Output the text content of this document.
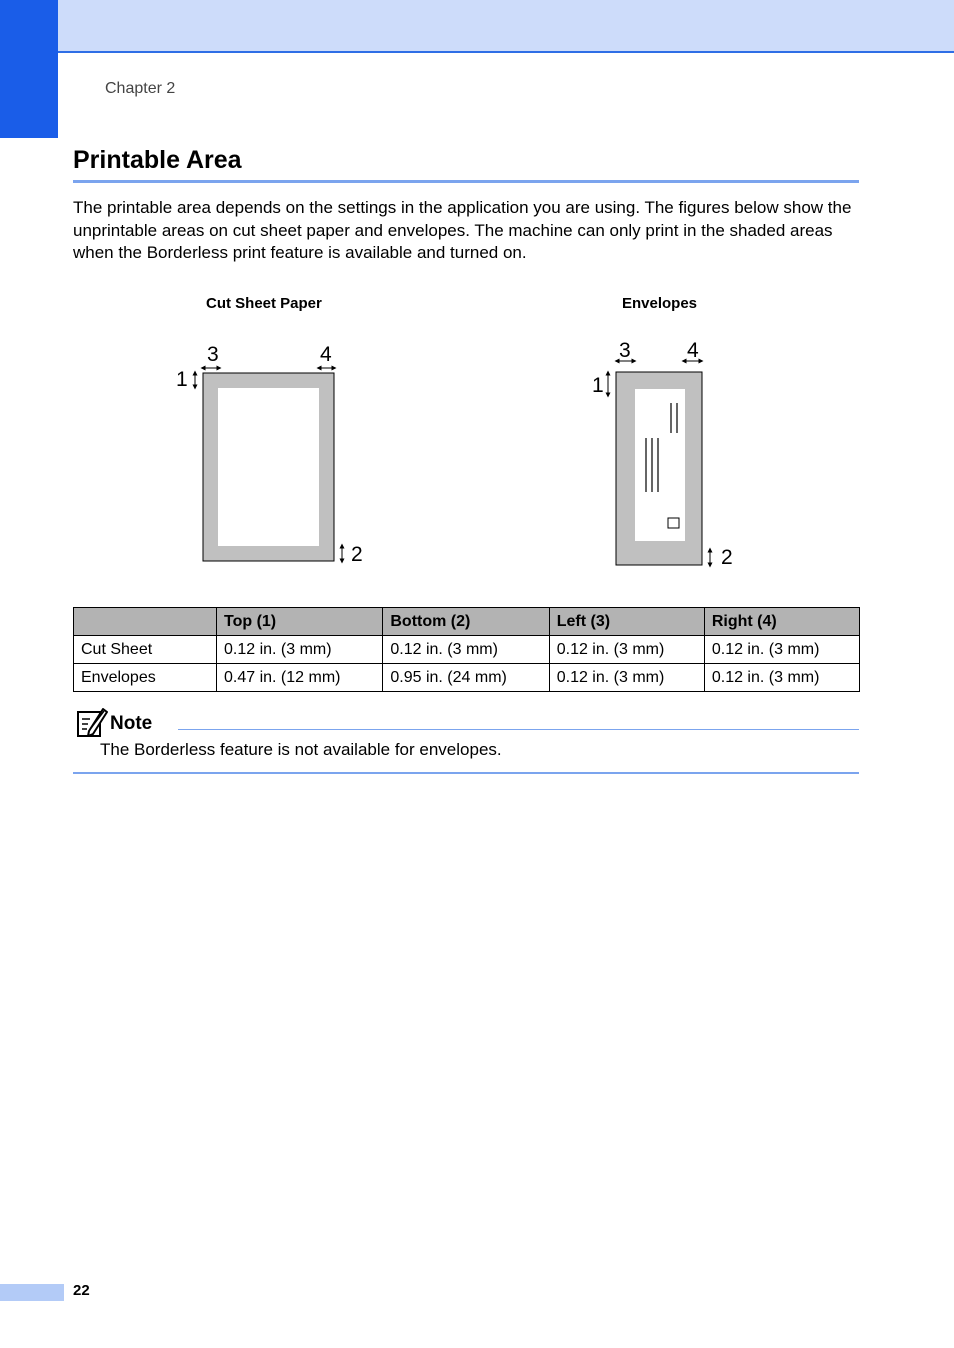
Chapter 2
Printable Area

The printable area depends on the settings in the application you are using. The figures below show the unprintable areas on cut sheet paper and envelopes. The machine can only print in the shaded areas when the Borderless print feature is available and turned on.

Cut Sheet Paper	Envelopes
3	4
1
2
3	4
1
2
	Top (1)	Bottom (2)	Left (3)	Right (4)
Cut Sheet	0.12 in. (3 mm)	0.12 in. (3 mm)	0.12 in. (3 mm)	0.12 in. (3 mm)
Envelopes	0.47 in. (12 mm)	0.95 in. (24 mm)	0.12 in. (3 mm)	0.12 in. (3 mm)
Note
The Borderless feature is not available for envelopes.
22
